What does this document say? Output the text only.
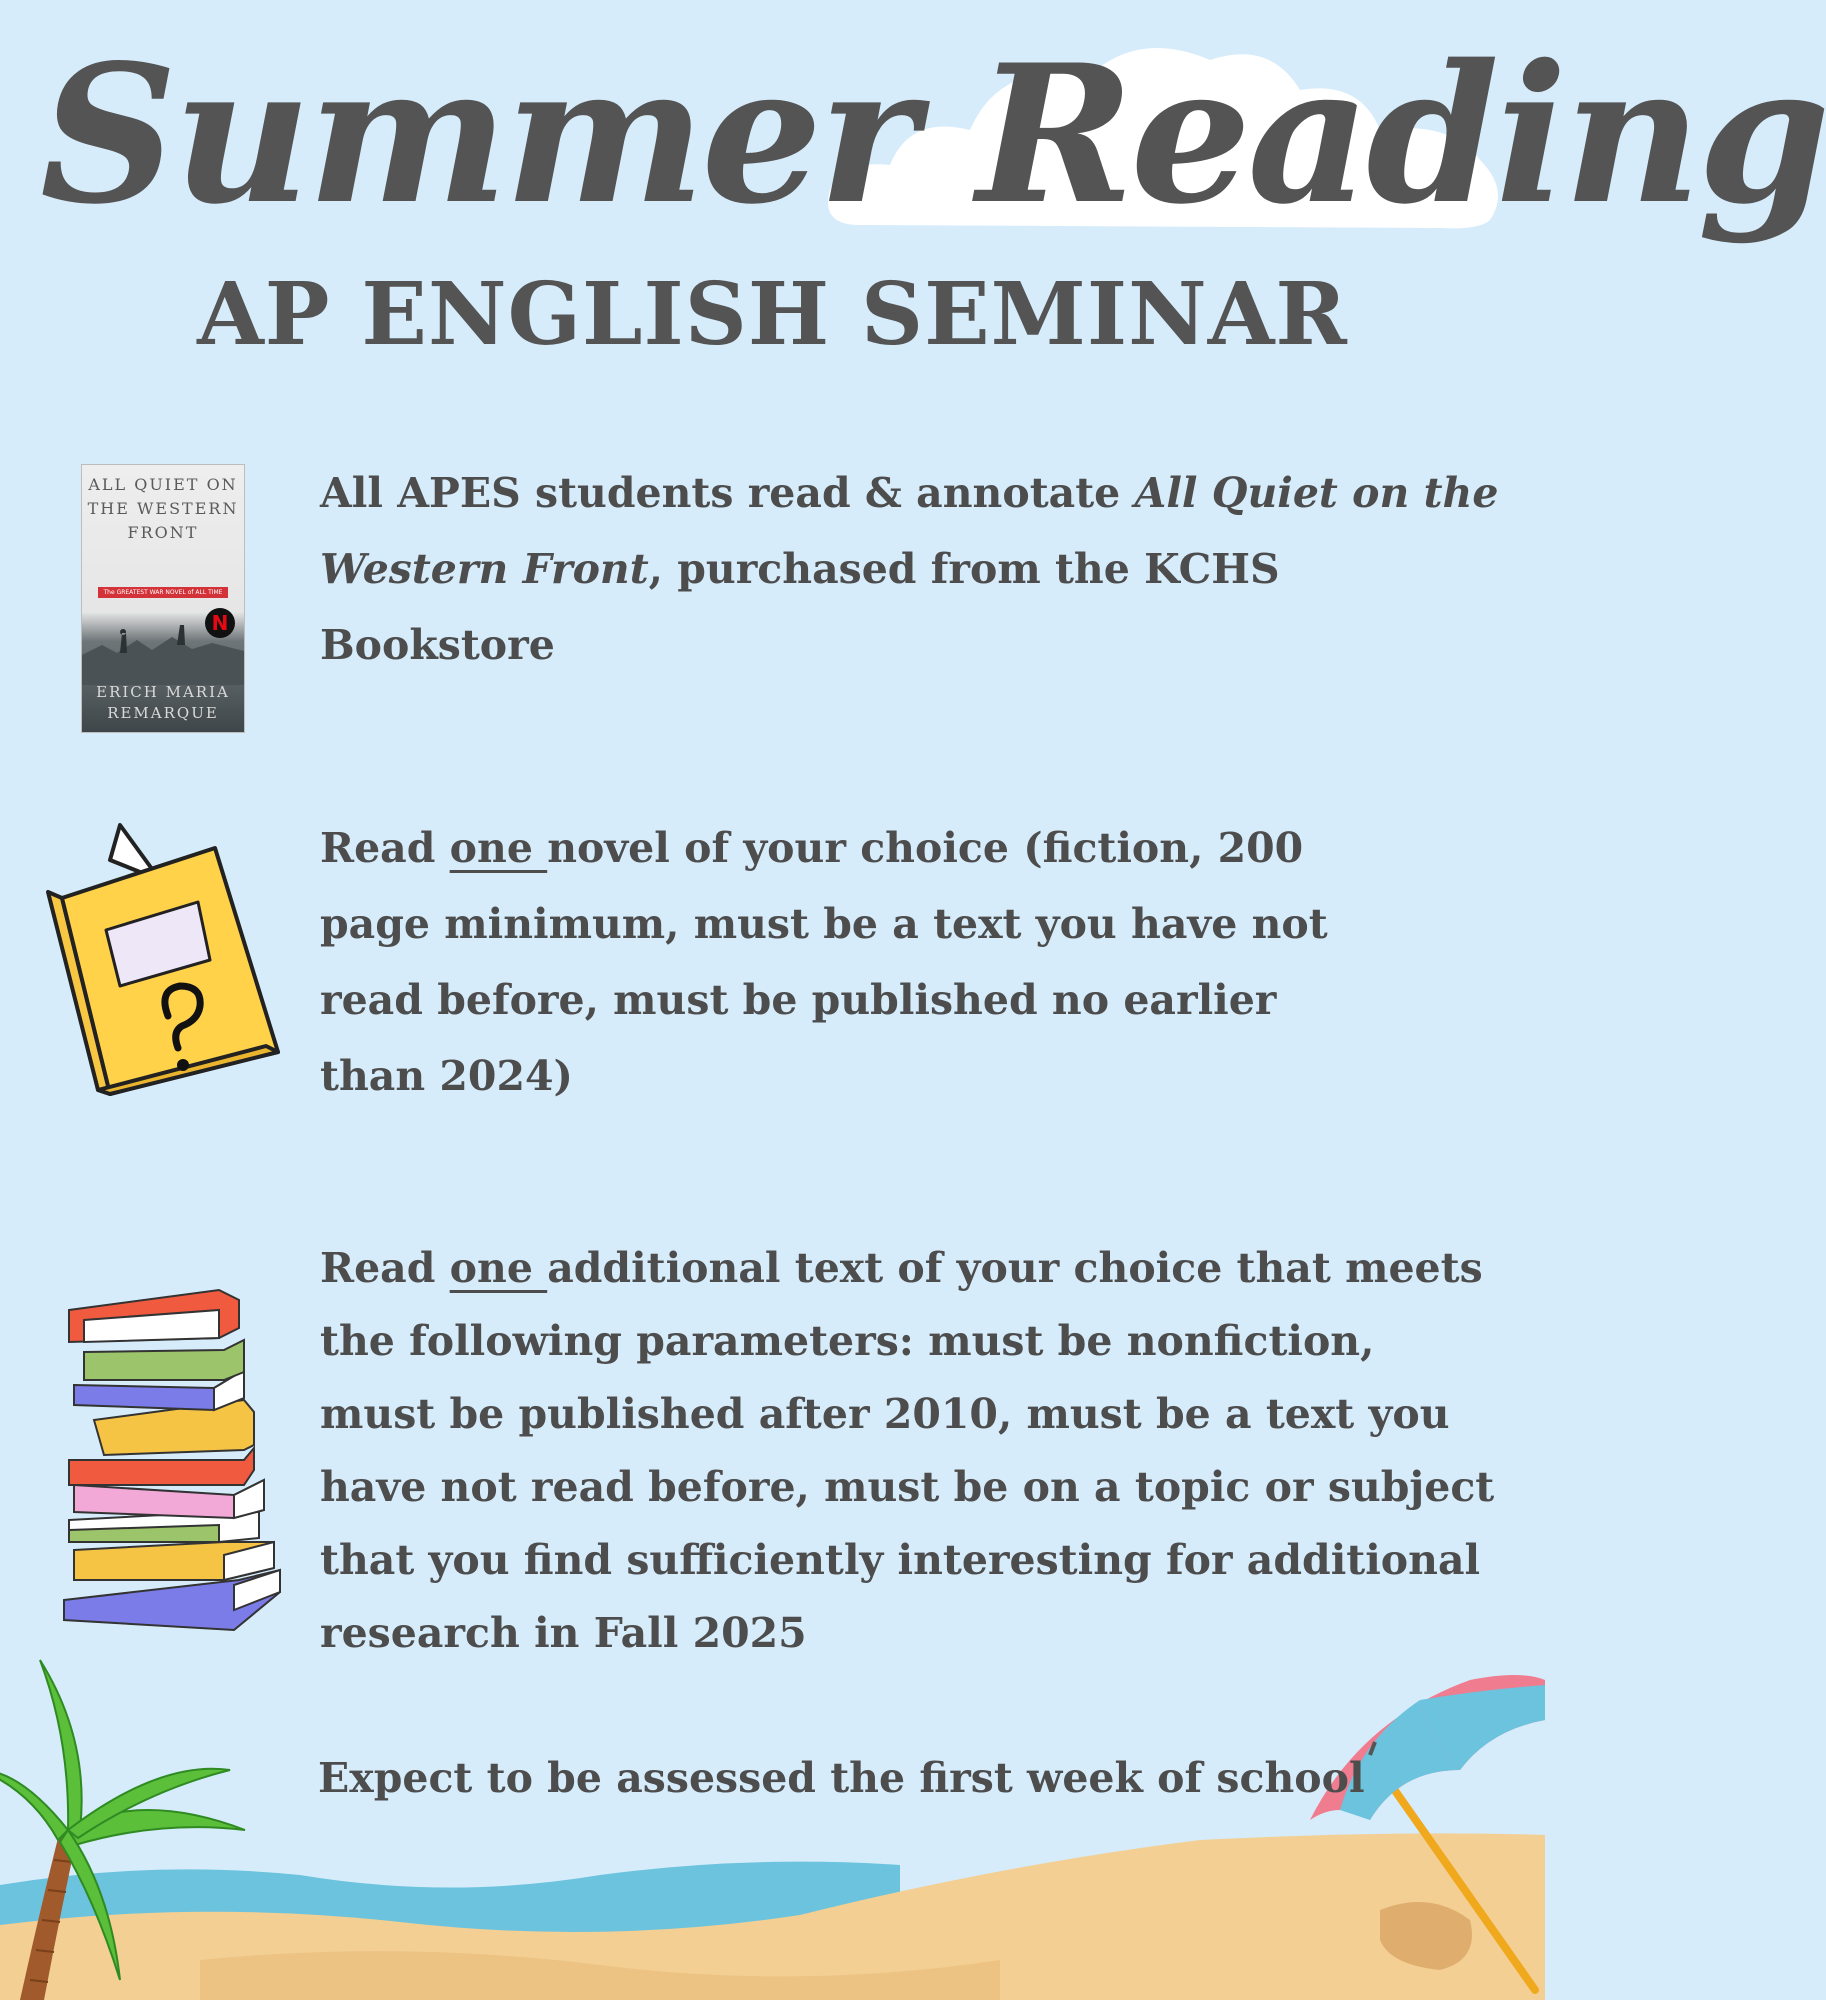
Summer Reading
AP ENGLISH SEMINAR
ALL QUIET ON THE WESTERN FRONT
The GREATEST WAR NOVEL of ALL TIME
N
ERICH MARIA REMARQUE
All APES students read & annotate All Quiet on the Western Front, purchased from the KCHS Bookstore
Read one novel of your choice (fiction, 200 page minimum, must be a text you have not read before, must be published no earlier than 2024)
Read one additional text of your choice that meets the following parameters: must be nonfiction, must be published after 2010, must be a text you have not read before, must be on a topic or subject that you find sufficiently interesting for additional research in Fall 2025
Expect to be assessed the first week of school
